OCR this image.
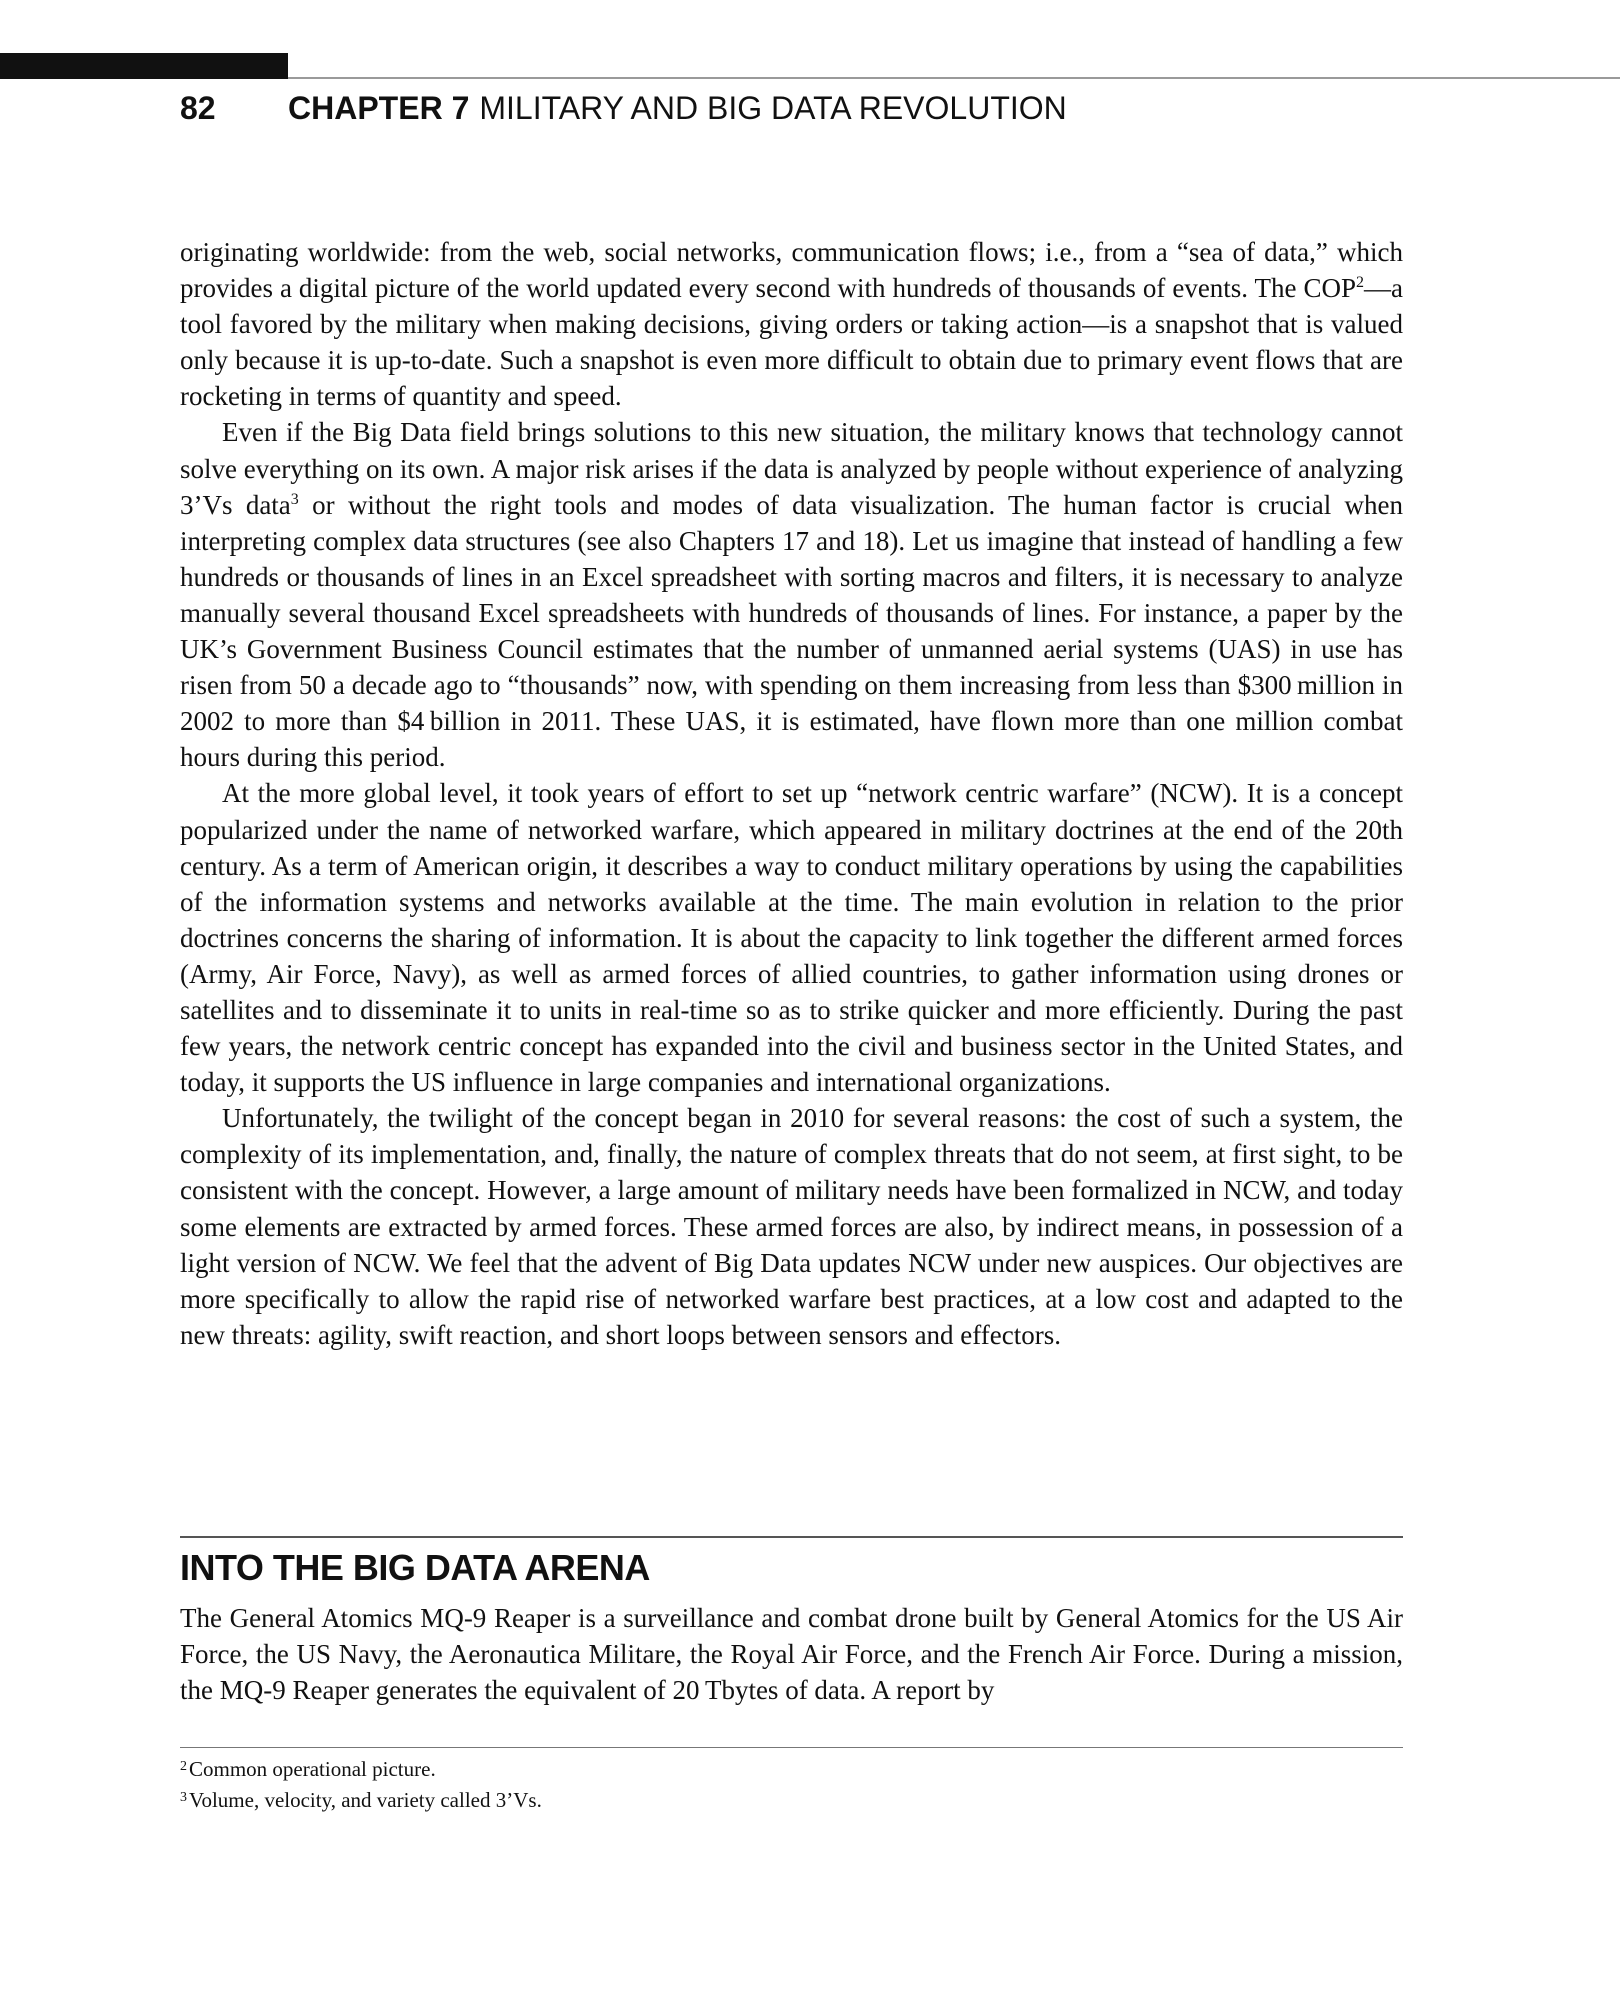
82 CHAPTER 7 MILITARY AND BIG DATA REVOLUTION

originating worldwide: from the web, social networks, communication flows; i.e., from a “sea of data,” which provides a digital picture of the world updated every second with hundreds of thousands of events. The COP$^2$—a tool favored by the military when making decisions, giving orders or taking action—is a snapshot that is valued only because it is up-to-date. Such a snapshot is even more difficult to obtain due to primary event flows that are rocketing in terms of quantity and speed.

Even if the Big Data field brings solutions to this new situation, the military knows that technology cannot solve everything on its own. A major risk arises if the data is analyzed by people without experience of analyzing 3’Vs data$^3$ or without the right tools and modes of data visualization. The human factor is crucial when interpreting complex data structures (see also Chapters 17 and 18). Let us imagine that instead of handling a few hundreds or thousands of lines in an Excel spreadsheet with sorting macros and filters, it is necessary to analyze manually several thousand Excel spreadsheets with hundreds of thousands of lines. For instance, a paper by the UK’s Government Business Council estimates that the number of unmanned aerial systems (UAS) in use has risen from 50 a decade ago to “thousands” now, with spending on them increasing from less than $300 million in 2002 to more than $4 billion in 2011. These UAS, it is estimated, have flown more than one million combat hours during this period.

At the more global level, it took years of effort to set up “network centric warfare” (NCW). It is a concept popularized under the name of networked warfare, which appeared in military doctrines at the end of the 20th century. As a term of American origin, it describes a way to conduct military operations by using the capabilities of the information systems and networks available at the time. The main evolution in relation to the prior doctrines concerns the sharing of information. It is about the capacity to link together the different armed forces (Army, Air Force, Navy), as well as armed forces of allied countries, to gather information using drones or satellites and to disseminate it to units in real-time so as to strike quicker and more efficiently. During the past few years, the network centric concept has expanded into the civil and business sector in the United States, and today, it supports the US influence in large companies and international organizations.

Unfortunately, the twilight of the concept began in 2010 for several reasons: the cost of such a system, the complexity of its implementation, and, finally, the nature of complex threats that do not seem, at first sight, to be consistent with the concept. However, a large amount of military needs have been formalized in NCW, and today some elements are extracted by armed forces. These armed forces are also, by indirect means, in possession of a light version of NCW. We feel that the advent of Big Data updates NCW under new auspices. Our objectives are more specifically to allow the rapid rise of networked warfare best practices, at a low cost and adapted to the new threats: agility, swift reaction, and short loops between sensors and effectors.

INTO THE BIG DATA ARENA

The General Atomics MQ-9 Reaper is a surveillance and combat drone built by General Atomics for the US Air Force, the US Navy, the Aeronautica Militare, the Royal Air Force, and the French Air Force. During a mission, the MQ-9 Reaper generates the equivalent of 20 Tbytes of data. A report by

$^2$Common operational picture.
$^3$Volume, velocity, and variety called 3’Vs.
